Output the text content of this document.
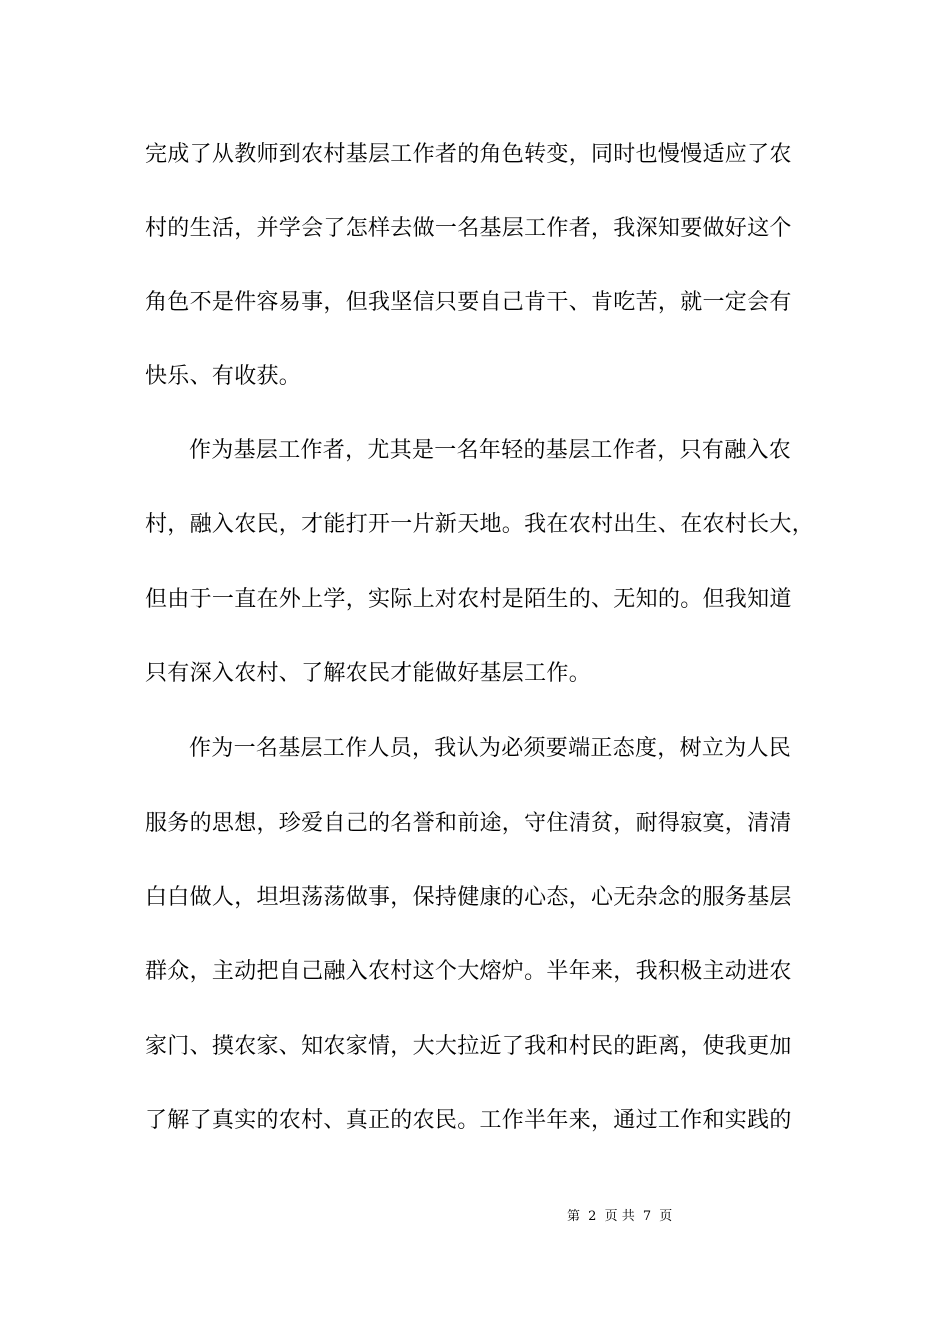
完成了从教师到农村基层工作者的角色转变，同时也慢慢适应了农
村的生活，并学会了怎样去做一名基层工作者，我深知要做好这个
角色不是件容易事，但我坚信只要自己肯干、肯吃苦，就一定会有
快乐、有收获。
作为基层工作者，尤其是一名年轻的基层工作者，只有融入农
村，融入农民，才能打开一片新天地。我在农村出生、在农村长大，
但由于一直在外上学，实际上对农村是陌生的、无知的。但我知道
只有深入农村、了解农民才能做好基层工作。
作为一名基层工作人员，我认为必须要端正态度，树立为人民
服务的思想，珍爱自己的名誉和前途，守住清贫，耐得寂寞，清清
白白做人，坦坦荡荡做事，保持健康的心态，心无杂念的服务基层
群众，主动把自己融入农村这个大熔炉。半年来，我积极主动进农
家门、摸农家、知农家情，大大拉近了我和村民的距离，使我更加
了解了真实的农村、真正的农民。工作半年来，通过工作和实践的
第 2 页 共 7 页
